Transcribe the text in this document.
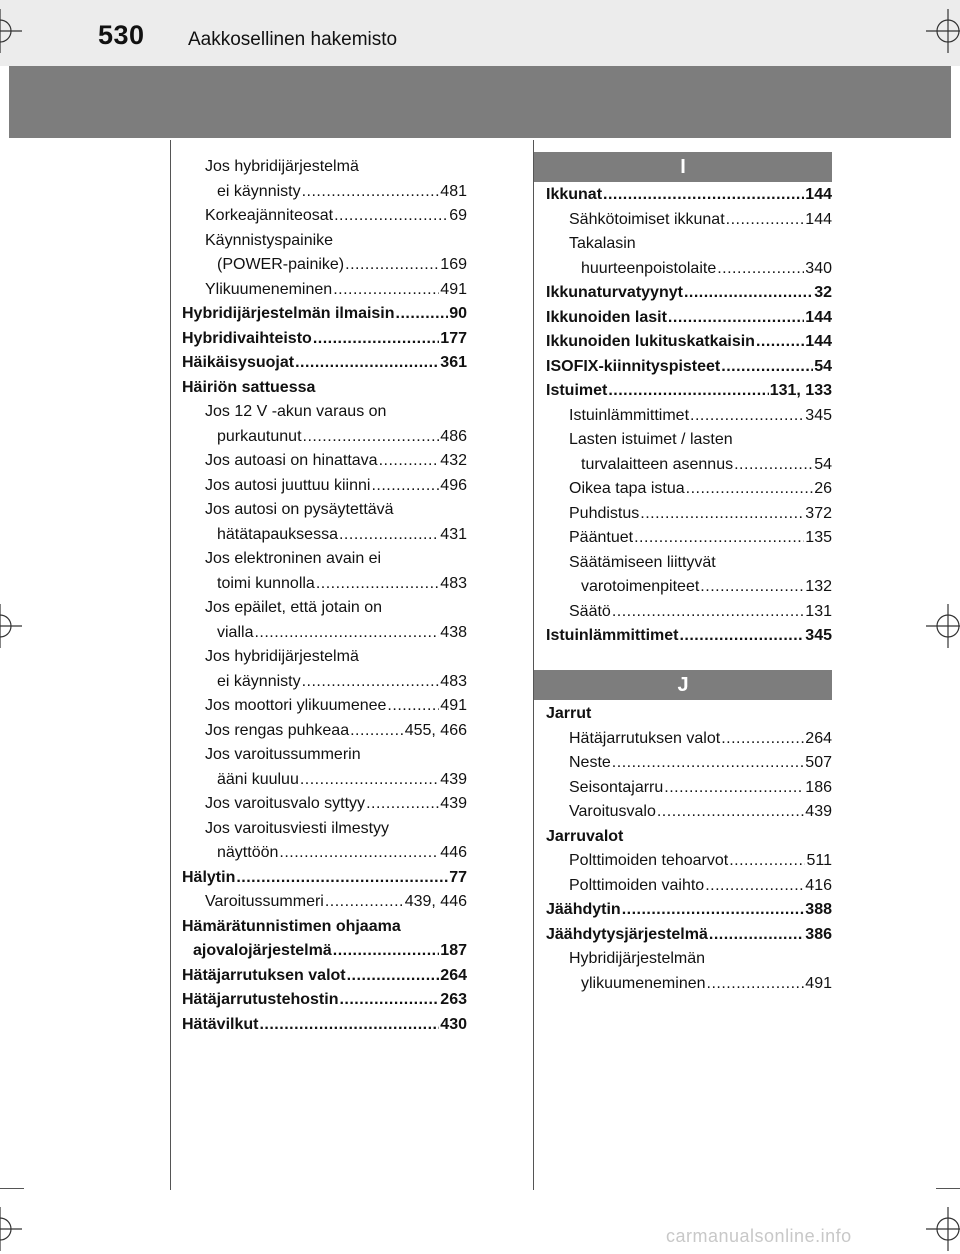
530 Aakkosellinen hakemisto
Jos hybridijärjestelmä
ei käynnisty .....	481
Korkeajänniteosat .....	69
Käynnistyspainike
(POWER-painike) .....	169
Ylikuumeneminen .....	491
Hybridijärjestelmän ilmaisin .....	90
Hybridivaihteisto .....	177
Häikäisysuojat .....	361
Häiriön sattuessa
Jos 12 V -akun varaus on
purkautunut .....	486
Jos autoasi on hinattava .....	432
Jos autosi juuttuu kiinni .....	496
Jos autosi on pysäytettävä
hätätapauksessa .....	431
Jos elektroninen avain ei
toimi kunnolla .....	483
Jos epäilet, että jotain on
vialla .....	438
Jos hybridijärjestelmä
ei käynnisty .....	483
Jos moottori ylikuumenee .....	491
Jos rengas puhkeaa .....	455, 466
Jos varoitussummerin
ääni kuuluu .....	439
Jos varoitusvalo syttyy .....	439
Jos varoitusviesti ilmestyy
näyttöön .....	446
Hälytin .....	77
Varoitussummeri .....	439, 446
Hämärätunnistimen ohjaama
ajovalojärjestelmä .....	187
Hätäjarrutuksen valot .....	264
Hätäjarrutustehostin .....	263
Hätävilkut .....	430
I
Ikkunat .....	144
Sähkötoimiset ikkunat .....	144
Takalasin
huurteenpoistolaite .....	340
Ikkunaturvatyynyt .....	32
Ikkunoiden lasit .....	144
Ikkunoiden lukituskatkaisin .....	144
ISOFIX-kiinnityspisteet .....	54
Istuimet .....	131, 133
Istuinlämmittimet .....	345
Lasten istuimet / lasten
turvalaitteen asennus .....	54
Oikea tapa istua .....	26
Puhdistus .....	372
Pääntuet .....	135
Säätämiseen liittyvät
varotoimenpiteet .....	132
Säätö .....	131
Istuinlämmittimet .....	345
J
Jarrut
Hätäjarrutuksen valot .....	264
Neste .....	507
Seisontajarru .....	186
Varoitusvalo .....	439
Jarruvalot
Polttimoiden tehoarvot .....	511
Polttimoiden vaihto .....	416
Jäähdytin .....	388
Jäähdytysjärjestelmä .....	386
Hybridijärjestelmän
ylikuumeneminen .....	491
carmanualsonline.info
